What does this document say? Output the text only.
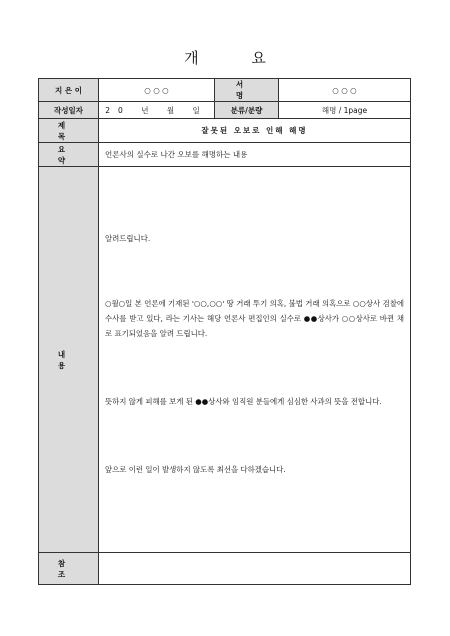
개 요
지 은 이	○ ○ ○	서 명	○ ○ ○
작성일자	20 년 월 일	분류/분량	해명 / 1page
제 목	잘못된 오보로 인해 해명		
요 약	언론사의 실수로 나간 오보를 해명하는 내용		
내 용	알려드립니다.

○월○일 본 언론에 기재된 '○○,○○' 땅 거래 투기 의혹, 불법 거래 의혹으로 ○○상사 검찰에 수사를 받고 있다, 라는 기사는 해당 언론사 편집인의 실수로 ●●상사가 ○○상사로 바뀐 채로 표기되었음을 알려 드립니다.

뜻하지 않게 피해를 보게 된 ●●상사와 임직원 분들에게 심심한 사과의 뜻을 전합니다.

앞으로 이런 일이 발생하지 않도록 최선을 다하겠습니다.		

참 조			
